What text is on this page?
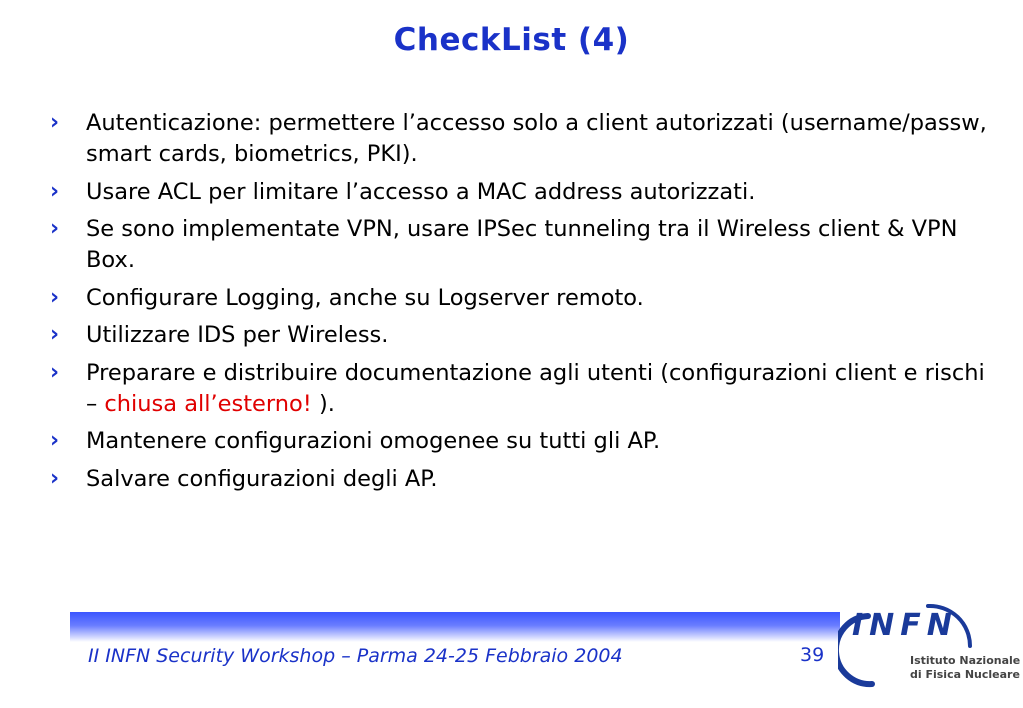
CheckList (4)
› Autenticazione: permettere l’accesso solo a client autorizzati (username/passw, smart cards, biometrics, PKI).
› Usare ACL per limitare l’accesso a MAC address autorizzati.
› Se sono implementate VPN, usare IPSec tunneling tra il Wireless client & VPN Box.
› Configurare Logging, anche su Logserver remoto.
› Utilizzare IDS per Wireless.
› Preparare e distribuire documentazione agli utenti (configurazioni client e rischi – chiusa all’esterno! ).
› Mantenere configurazioni omogenee su tutti gli AP.
› Salvare configurazioni degli AP.
II INFN Security Workshop – Parma 24-25 Febbraio 2004	39
INFN
Istituto Nazionale
di Fisica Nucleare
